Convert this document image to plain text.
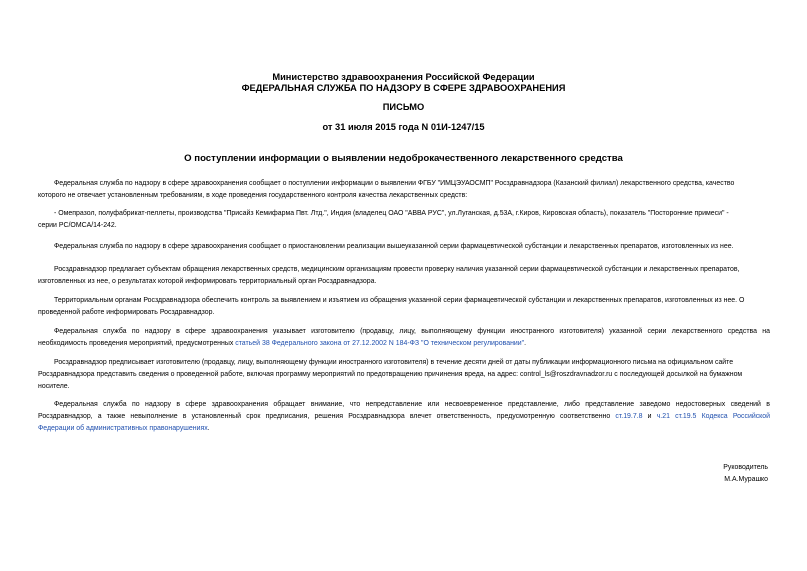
Министерство здравоохранения Российской Федерации
ФЕДЕРАЛЬНАЯ СЛУЖБА ПО НАДЗОРУ В СФЕРЕ ЗДРАВООХРАНЕНИЯ
ПИСЬМО
от 31 июля 2015 года N 01И-1247/15
О поступлении информации о выявлении недоброкачественного лекарственного средства
Федеральная служба по надзору в сфере здравоохранения сообщает о поступлении информации о выявлении ФГБУ "ИМЦЭУАОСМП" Росздравнадзора (Казанский филиал) лекарственного средства, качество
которого не отвечает установленным требованиям, в ходе проведения государственного контроля качества лекарственных средств:
- Омепразол, полуфабрикат-пеллеты, производства "Присайз Кемифарма Пвт. Лтд.", Индия (владелец ОАО "АВВА РУС", ул.Луганская, д.53А, г.Киров, Кировская область), показатель "Посторонние примеси" -
серии PC/OMCA/14-242.
Федеральная служба по надзору в сфере здравоохранения сообщает о приостановлении реализации вышеуказанной серии фармацевтической субстанции и лекарственных препаратов, изготовленных из нее.
Росздравнадзор предлагает субъектам обращения лекарственных средств, медицинским организациям провести проверку наличия указанной серии фармацевтической субстанции и лекарственных препаратов,
изготовленных из нее, о результатах которой информировать территориальный орган Росздравнадзора.
Территориальным органам Росздравнадзора обеспечить контроль за выявлением и изъятием из обращения указанной серии фармацевтической субстанции и лекарственных препаратов, изготовленных из нее. О
проведенной работе информировать Росздравнадзор.
Федеральная служба по надзору в сфере здравоохранения указывает изготовителю (продавцу, лицу, выполняющему функции иностранного изготовителя) указанной серии лекарственного средства на
необходимость проведения мероприятий, предусмотренных статьей 38 Федерального закона от 27.12.2002 N 184-ФЗ "О техническом регулировании".
Росздравнадзор предписывает изготовителю (продавцу, лицу, выполняющему функции иностранного изготовителя) в течение десяти дней от даты публикации информационного письма на официальном сайте
Росздравнадзора представить сведения о проведенной работе, включая программу мероприятий по предотвращению причинения вреда, на адрес: control_ls@roszdravnadzor.ru с последующей досылкой на бумажном
носителе.
Федеральная служба по надзору в сфере здравоохранения обращает внимание, что непредставление или несвоевременное представление, либо представление заведомо недостоверных сведений в
Росздравнадзор, а также невыполнение в установленный срок предписания, решения Росздравнадзора влечет ответственность, предусмотренную соответственно ст.19.7.8 и ч.21 ст.19.5 Кодекса Российской
Федерации об административных правонарушениях.
Руководитель
М.А.Мурашко
